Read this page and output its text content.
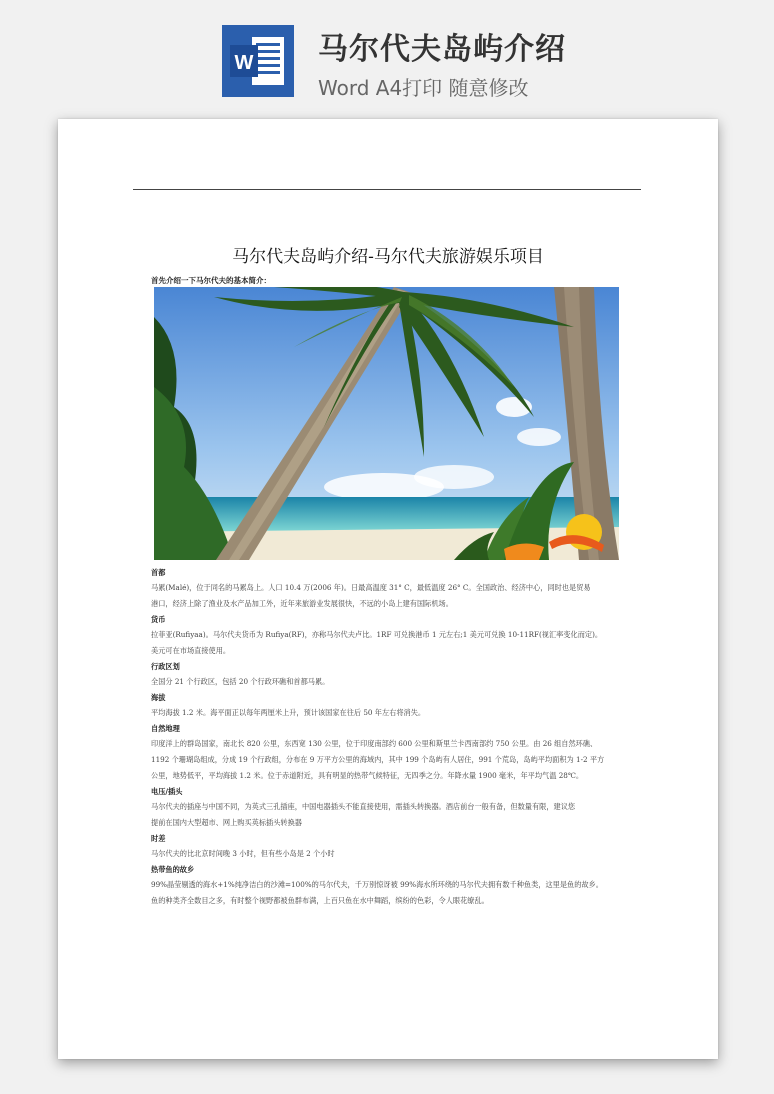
W 马尔代夫岛屿介绍
Word A4打印 随意修改
马尔代夫岛屿介绍-马尔代夫旅游娱乐项目
首先介绍一下马尔代夫的基本简介：
首都
马累(Malé)，位于同名的马累岛上。人口 10.4 万(2006 年)。日最高温度 31° C，最低温度 26° C。全国政治、经济中心，同时也是贸易
港口，经济上除了渔业及水产品加工外，近年来旅游业发展很快，不远的小岛上建有国际机场。
货币
拉菲亚(Rufiyaa)。马尔代夫货币为 Rufiya(RF)，亦称马尔代夫卢比。1RF 可兑换港币 1 元左右;1 美元可兑换 10-11RF(视汇率变化而定)。
美元可在市场直接使用。
行政区划
全国分 21 个行政区，包括 20 个行政环礁和首都马累。
海拔
平均海拔 1.2 米。海平面正以每年两厘米上升，预计该国家在往后 50 年左右将消失。
自然地理
印度洋上的群岛国家，南北长 820 公里，东西宽 130 公里，位于印度南部约 600 公里和斯里兰卡西南部约 750 公里。由 26 组自然环礁、
1192 个珊瑚岛组成，分成 19 个行政组，分布在 9 万平方公里的海域内，其中 199 个岛屿有人居住，991 个荒岛，岛屿平均面积为 1-2 平方
公里，地势低平，平均海拔 1.2 米。位于赤道附近，具有明显的热带气候特征，无四季之分。年降水量 1900 毫米，年平均气温 28℃。
电压/插头
马尔代夫的插座与中国不同，为英式三孔插座，中国电器插头不能直接使用，需插头转换器。酒店前台一般有备，但数量有限，建议您
提前在国内大型超市、网上购买英标插头转换器
时差
马尔代夫的比北京时间晚 3 小时，但有些小岛是 2 个小时
热带鱼的故乡
99%晶莹剔透的海水+1%纯净洁白的沙滩=100%的马尔代夫，千万别惊讶被 99%海水所环绕的马尔代夫拥有数千种鱼类，这里是鱼的故乡。
鱼的种类齐全数目之多，有时整个视野都被鱼群布满，上百只鱼在水中舞蹈，缤纷的色彩，令人眼花缭乱。
